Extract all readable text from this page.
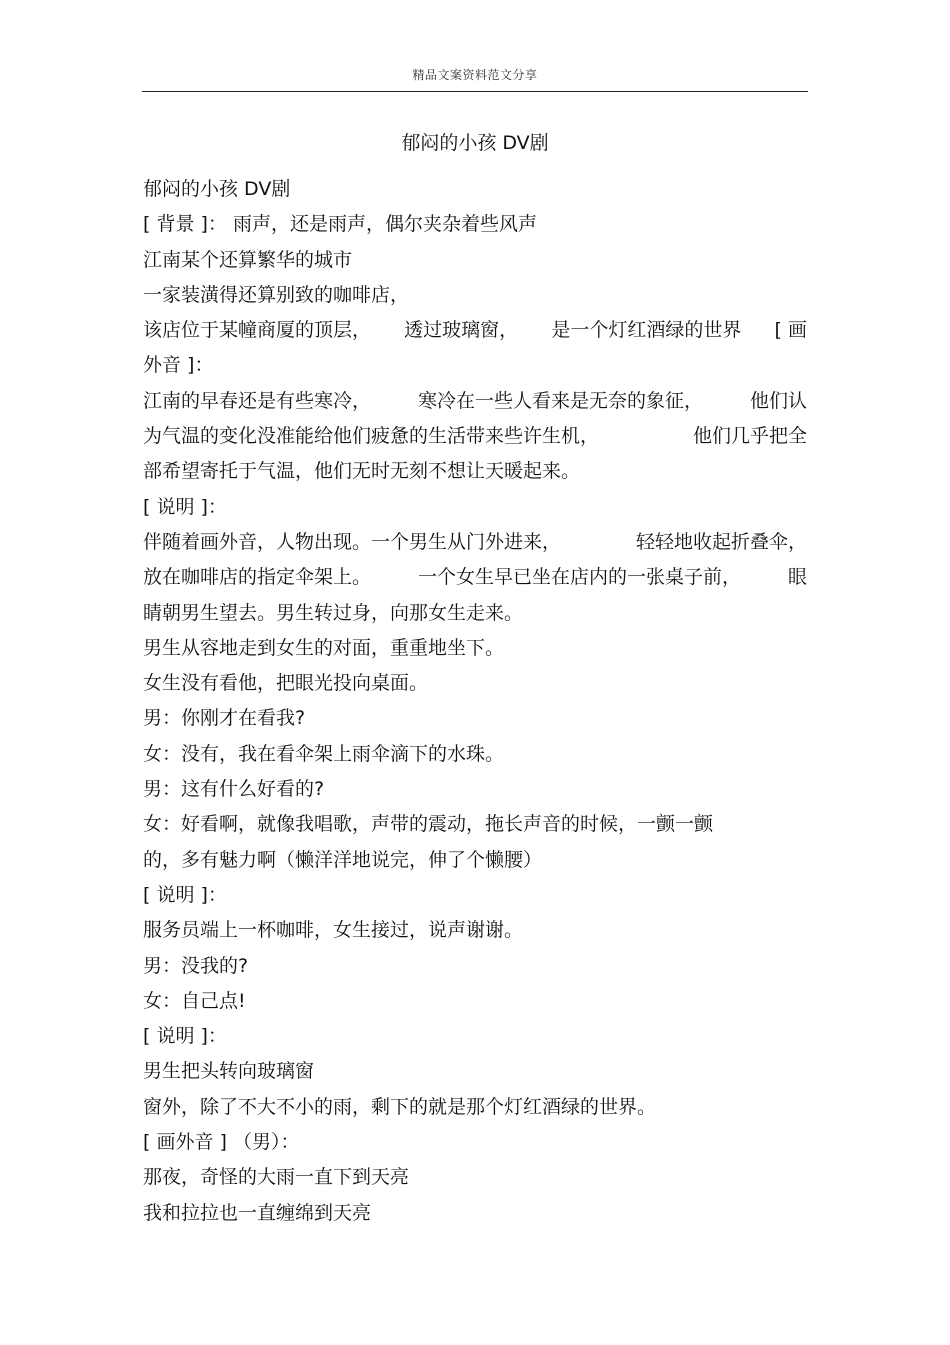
精品文案资料范文分享
郁闷的小孩 DV剧
郁闷的小孩 DV剧
[ 背景 ]： 雨声，还是雨声，偶尔夹杂着些风声
江南某个还算繁华的城市
一家装潢得还算别致的咖啡店，
该店位于某幢商厦的顶层， 透过玻璃窗， 是一个灯红酒绿的世界 [ 画
外音 ]：
江南的早春还是有些寒冷， 寒冷在一些人看来是无奈的象征， 他们认
为气温的变化没准能给他们疲惫的生活带来些许生机，	他们几乎把全
部希望寄托于气温，他们无时无刻不想让天暖起来。
[ 说明 ]：
伴随着画外音，人物出现。一个男生从门外进来，	轻轻地收起折叠伞，
放在咖啡店的指定伞架上。 一个女生早已坐在店内的一张桌子前， 眼
睛朝男生望去。男生转过身，向那女生走来。
男生从容地走到女生的对面，重重地坐下。
女生没有看他，把眼光投向桌面。
男：你刚才在看我?
女：没有，我在看伞架上雨伞滴下的水珠。
男：这有什么好看的?
女：好看啊，就像我唱歌，声带的震动，拖长声音的时候，一颤一颤
的，多有魅力啊（懒洋洋地说完，伸了个懒腰）
[ 说明 ]：
服务员端上一杯咖啡，女生接过，说声谢谢。
男：没我的?
女：自己点!
[ 说明 ]：
男生把头转向玻璃窗
窗外，除了不大不小的雨，剩下的就是那个灯红酒绿的世界。
[ 画外音 ] （男）：
那夜，奇怪的大雨一直下到天亮
我和拉拉也一直缠绵到天亮
